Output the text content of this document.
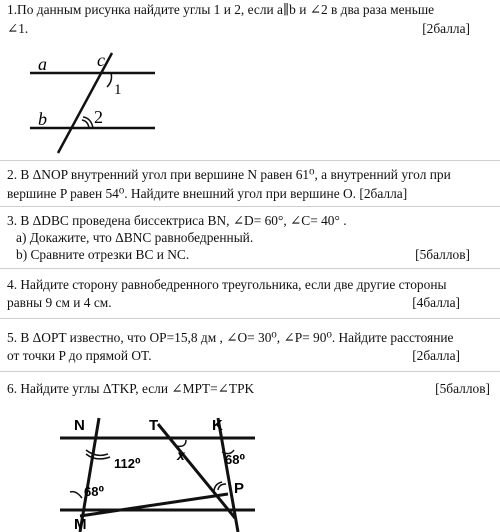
1.По данным рисунка найдите углы 1 и 2, если a∥b и ∠2 в два раза меньше
∠1.	[2балла]
a
b
c
1
2
2. В ΔNOP внутренний угол при вершине N равен 61⁰, а внутренний угол при
вершине P равен 54⁰. Найдите внешний угол при вершине О. [2балла]
3. В ΔDBC проведена биссектриса BN, ∠D= 60°, ∠C= 40° .
а) Докажите, что ΔBNC равнобедренный.
b) Сравните отрезки BC и NC.	[5баллов]
4. Найдите сторону равнобедренного треугольника, если две другие стороны
равны 9 см и 4 см.	[4балла]
5. В ΔOPT известно, что OP=15,8 дм , ∠O= 30⁰, ∠P= 90⁰. Найдите расстояние
от точки P до прямой OT.	[2балла]
6. Найдите углы ΔTKP, если ∠MPT=∠TPK	[5баллов]
N	T	K
P
M
x
112⁰
68⁰
68⁰
